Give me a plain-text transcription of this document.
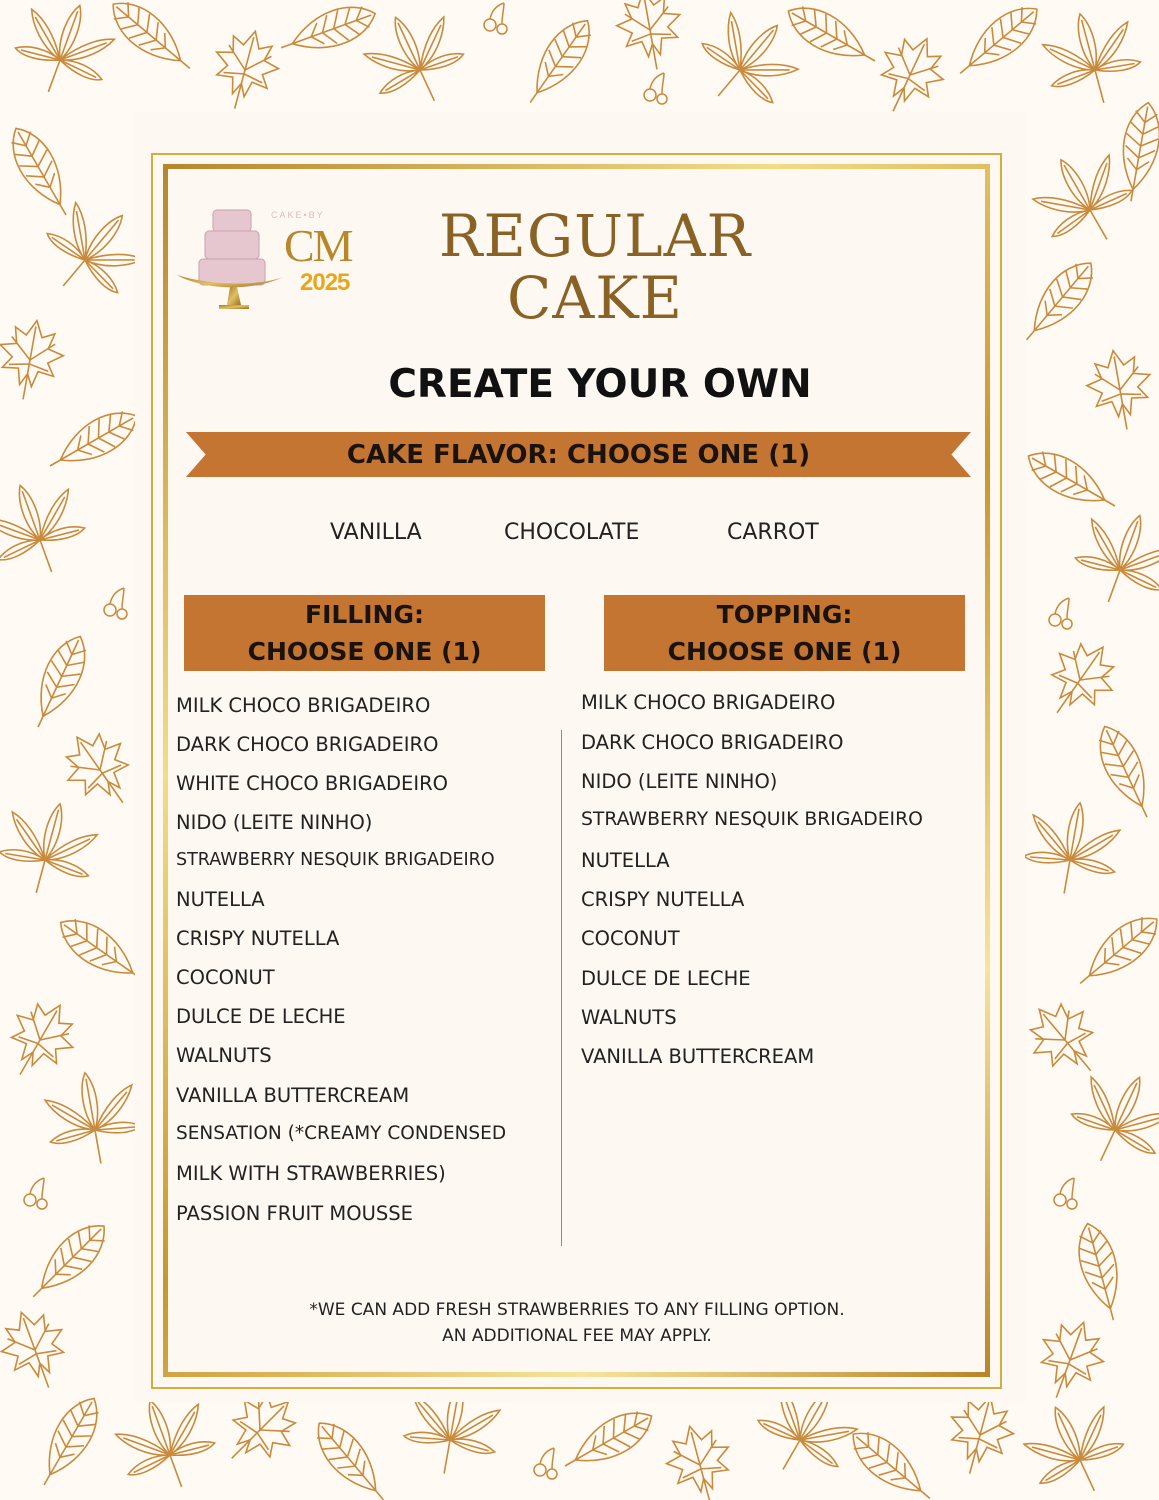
CAKE•BY
CM
2025
REGULAR
CAKE
CREATE YOUR OWN
CAKE FLAVOR: CHOOSE ONE (1)
VANILLA	CHOCOLATE	CARROT
FILLING:
CHOOSE ONE (1)
TOPPING:
CHOOSE ONE (1)
MILK CHOCO BRIGADEIRO
DARK CHOCO BRIGADEIRO
WHITE CHOCO BRIGADEIRO
NIDO (LEITE NINHO)
STRAWBERRY NESQUIK BRIGADEIRO
NUTELLA
CRISPY NUTELLA
COCONUT
DULCE DE LECHE
WALNUTS
VANILLA BUTTERCREAM
SENSATION (*CREAMY CONDENSED
MILK WITH STRAWBERRIES)
PASSION FRUIT MOUSSE
MILK CHOCO BRIGADEIRO
DARK CHOCO BRIGADEIRO
NIDO (LEITE NINHO)
STRAWBERRY NESQUIK BRIGADEIRO
NUTELLA
CRISPY NUTELLA
COCONUT
DULCE DE LECHE
WALNUTS
VANILLA BUTTERCREAM
*WE CAN ADD FRESH STRAWBERRIES TO ANY FILLING OPTION.
AN ADDITIONAL FEE MAY APPLY.
